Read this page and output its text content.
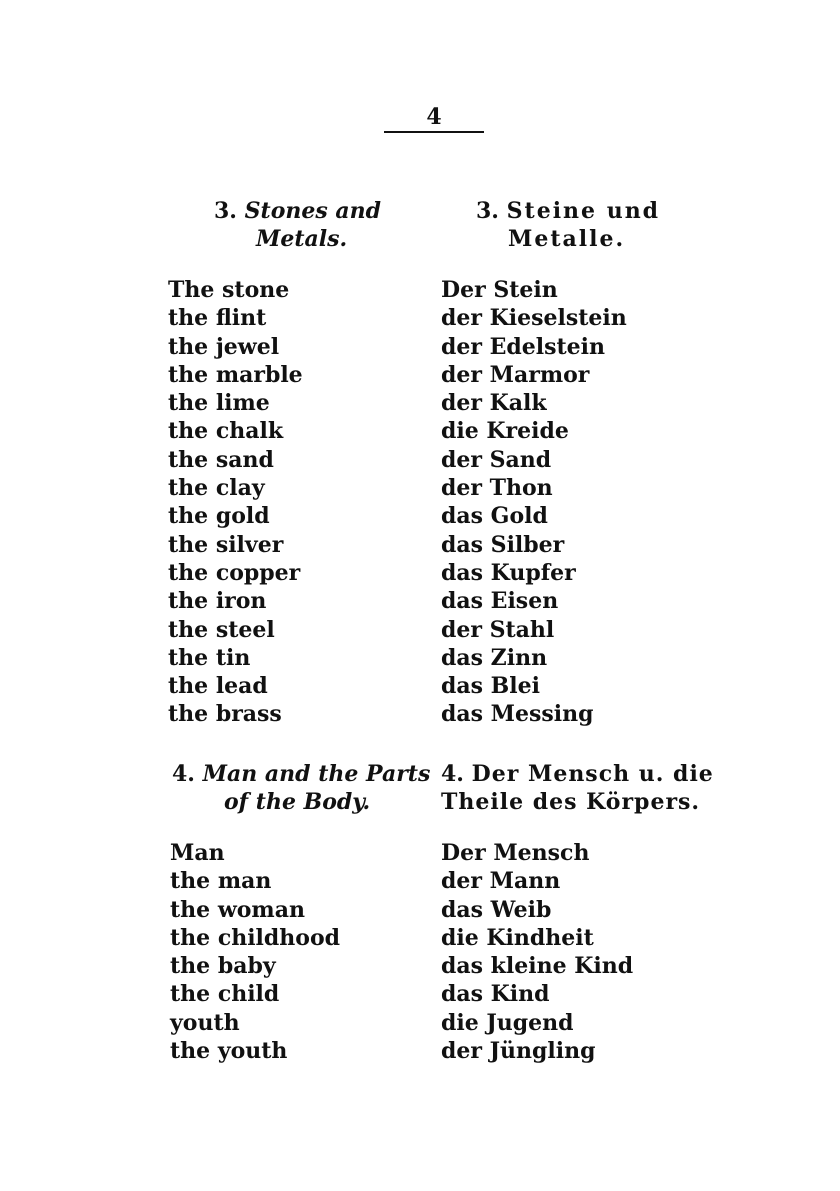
4
3. Stones and
Metals.
3. Steine und
Metalle.
The stone
the flint
the jewel
the marble
the lime
the chalk
the sand
the clay
the gold
the silver
the copper
the iron
the steel
the tin
the lead
the brass
Der Stein
der Kieselstein
der Edelstein
der Marmor
der Kalk
die Kreide
der Sand
der Thon
das Gold
das Silber
das Kupfer
das Eisen
der Stahl
das Zinn
das Blei
das Messing
4. Man and the Parts
of the Body.
4. Der Mensch u. die
Theile des Körpers.
Man
the man
the woman
the childhood
the baby
the child
youth
the youth
Der Mensch
der Mann
das Weib
die Kindheit
das kleine Kind
das Kind
die Jugend
der Jüngling
